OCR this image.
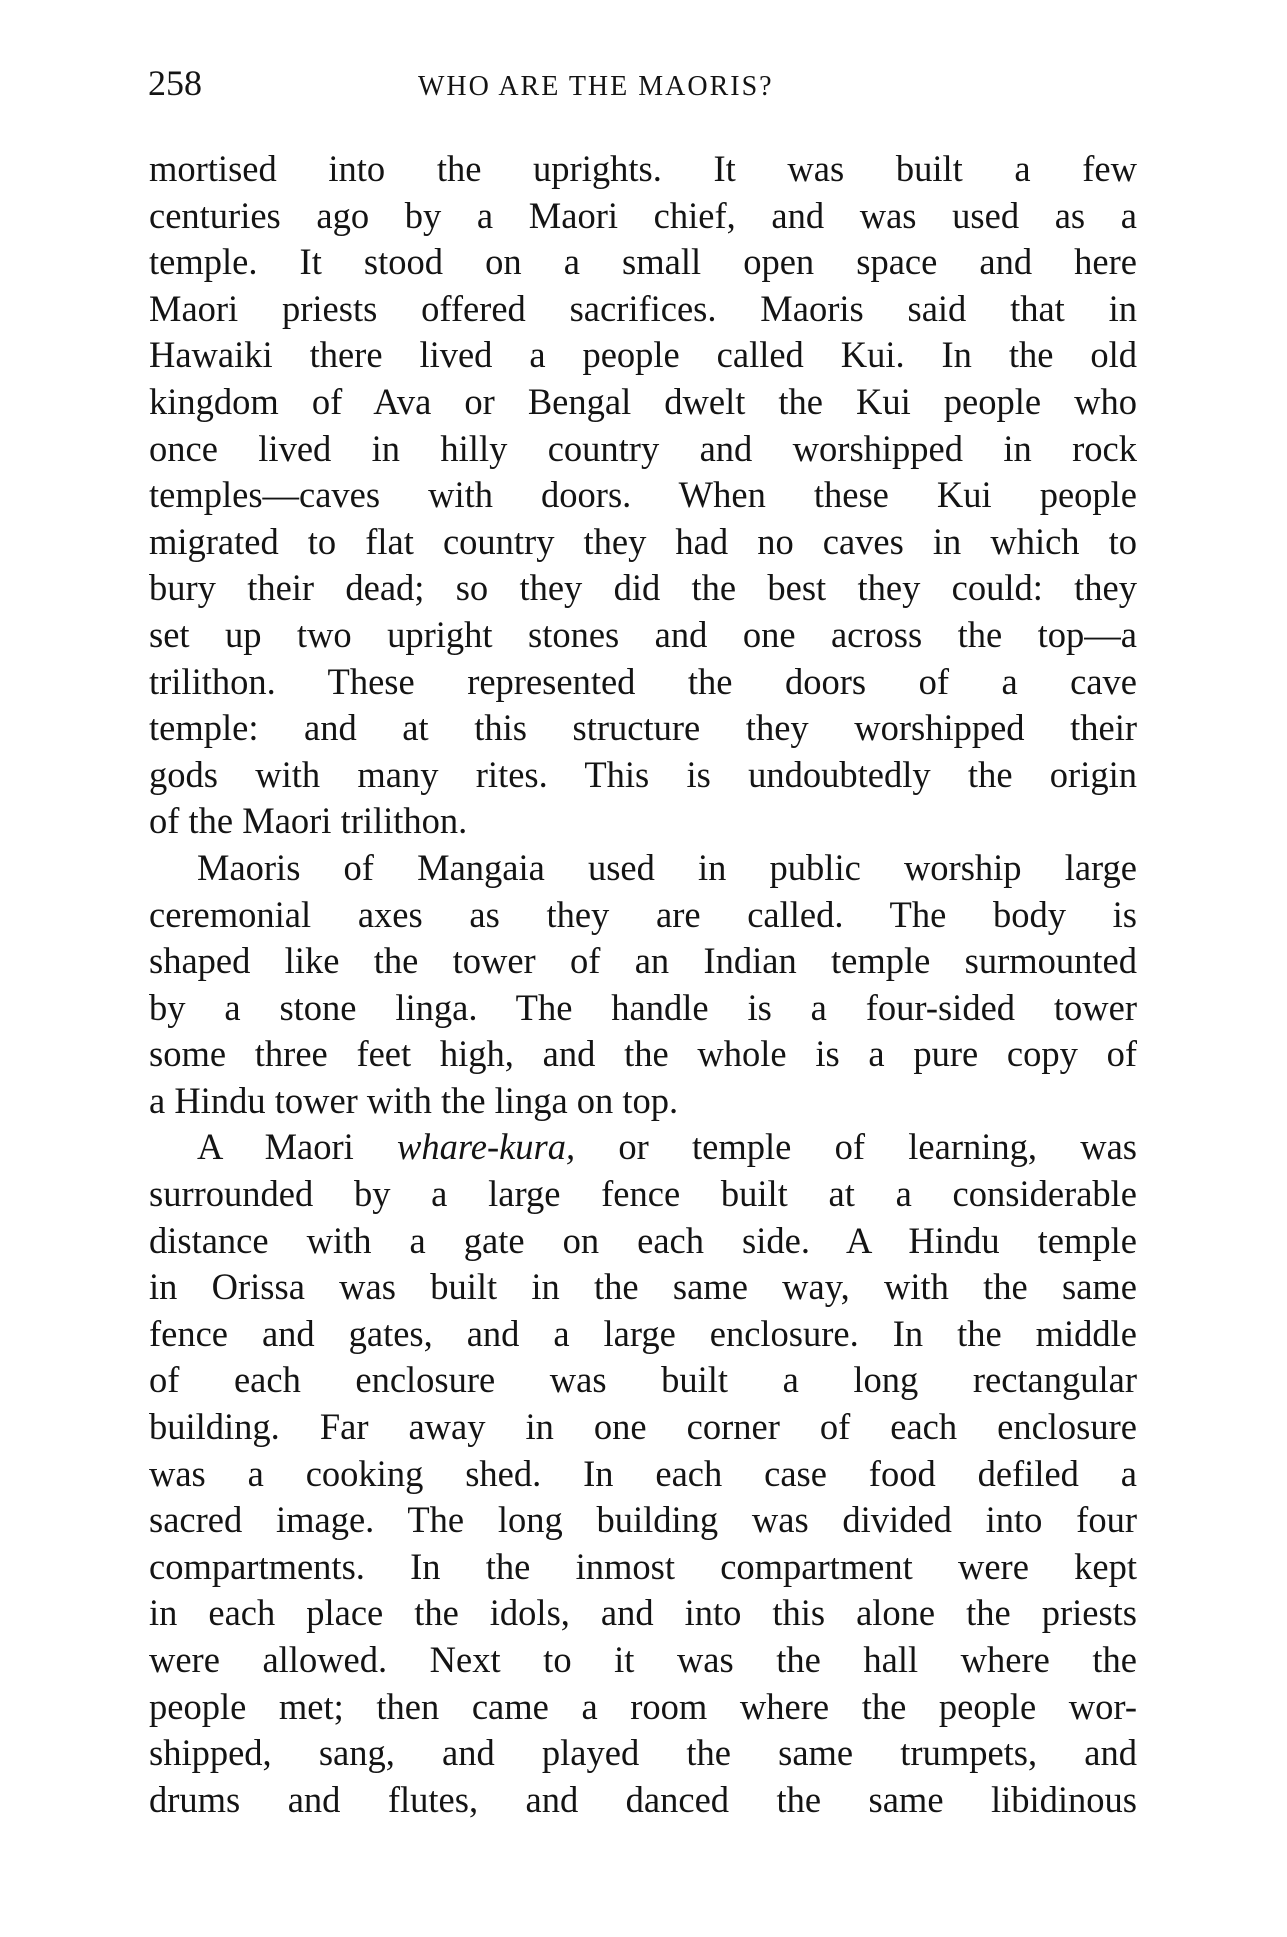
258	WHO ARE THE MAORIS?
mortised into the uprights. It was built a few
centuries ago by a Maori chief, and was used as a
temple. It stood on a small open space and here
Maori priests offered sacrifices. Maoris said that in
Hawaiki there lived a people called Kui. In the old
kingdom of Ava or Bengal dwelt the Kui people who
once lived in hilly country and worshipped in rock
temples—caves with doors. When these Kui people
migrated to flat country they had no caves in which to
bury their dead; so they did the best they could: they
set up two upright stones and one across the top—a
trilithon. These represented the doors of a cave
temple: and at this structure they worshipped their
gods with many rites. This is undoubtedly the origin
of the Maori trilithon.
Maoris of Mangaia used in public worship large
ceremonial axes as they are called. The body is
shaped like the tower of an Indian temple surmounted
by a stone linga. The handle is a four-sided tower
some three feet high, and the whole is a pure copy of
a Hindu tower with the linga on top.
A Maori whare-kura, or temple of learning, was
surrounded by a large fence built at a considerable
distance with a gate on each side. A Hindu temple
in Orissa was built in the same way, with the same
fence and gates, and a large enclosure. In the middle
of each enclosure was built a long rectangular
building. Far away in one corner of each enclosure
was a cooking shed. In each case food defiled a
sacred image. The long building was divided into four
compartments. In the inmost compartment were kept
in each place the idols, and into this alone the priests
were allowed. Next to it was the hall where the
people met; then came a room where the people wor-
shipped, sang, and played the same trumpets, and
drums and flutes, and danced the same libidinous
